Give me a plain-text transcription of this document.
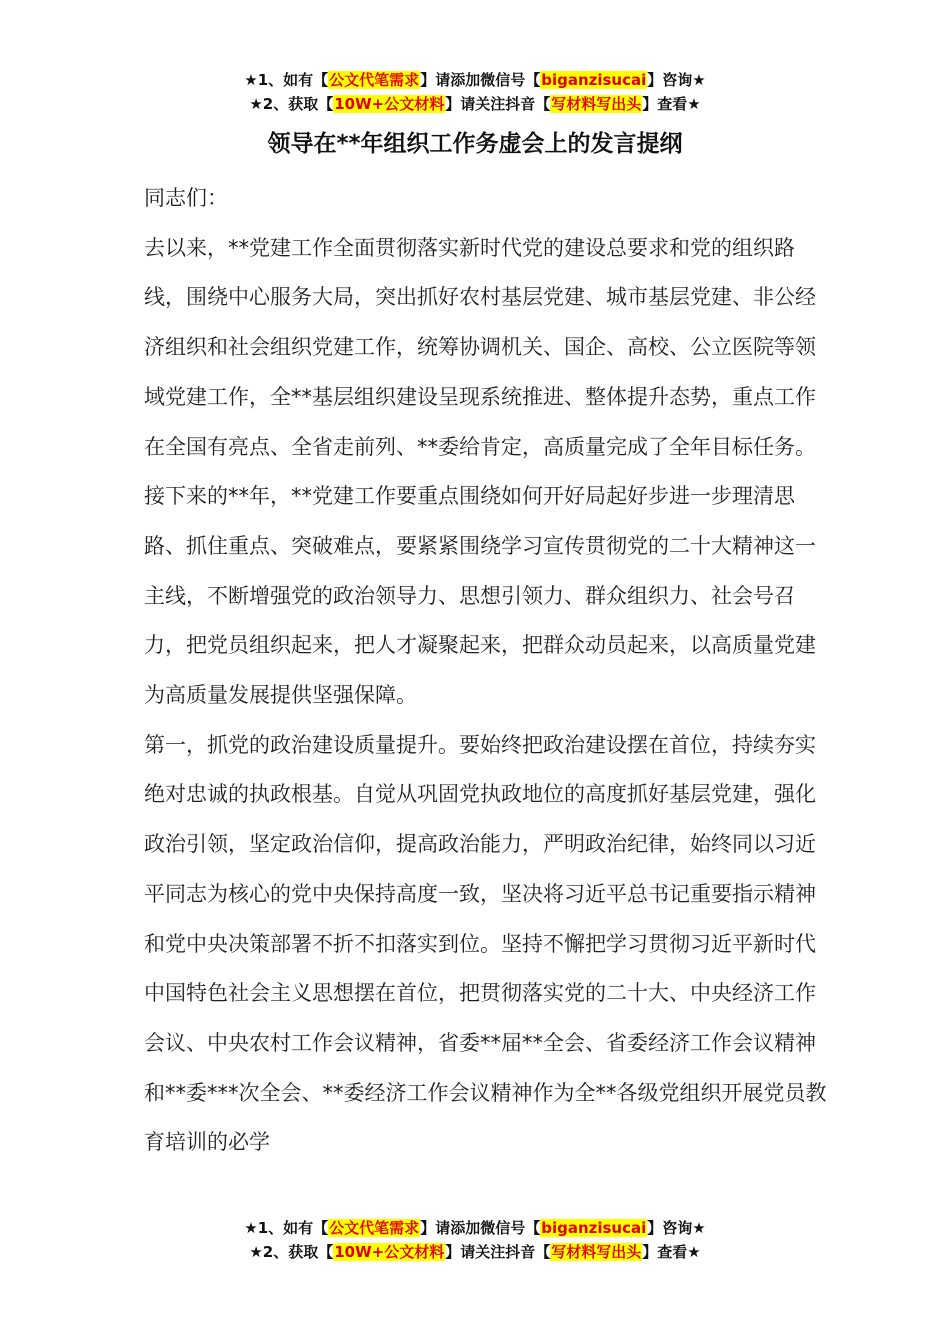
★1、如有【公文代笔需求】请添加微信号【biganzisucai】咨询★
★2、获取【10W+公文材料】请关注抖音【写材料写出头】查看★
领导在**年组织工作务虚会上的发言提纲

同志们：

去以来，**党建工作全面贯彻落实新时代党的建设总要求和党的组织路线，围绕中心服务大局，突出抓好农村基层党建、城市基层党建、非公经济组织和社会组织党建工作，统筹协调机关、国企、高校、公立医院等领域党建工作，全**基层组织建设呈现系统推进、整体提升态势，重点工作在全国有亮点、全省走前列、**委给肯定，高质量完成了全年目标任务。

接下来的**年，**党建工作要重点围绕如何开好局起好步进一步理清思路、抓住重点、突破难点，要紧紧围绕学习宣传贯彻党的二十大精神这一主线，不断增强党的政治领导力、思想引领力、群众组织力、社会号召力，把党员组织起来，把人才凝聚起来，把群众动员起来，以高质量党建为高质量发展提供坚强保障。

第一，抓党的政治建设质量提升。要始终把政治建设摆在首位，持续夯实绝对忠诚的执政根基。自觉从巩固党执政地位的高度抓好基层党建，强化政治引领，坚定政治信仰，提高政治能力，严明政治纪律，始终同以习近平同志为核心的党中央保持高度一致，坚决将习近平总书记重要指示精神和党中央决策部署不折不扣落实到位。坚持不懈把学习贯彻习近平新时代中国特色社会主义思想摆在首位，把贯彻落实党的二十大、中央经济工作会议、中央农村工作会议精神，省委**届**全会、省委经济工作会议精神和**委***次全会、**委经济工作会议精神作为全**各级党组织开展党员教育培训的必学

★1、如有【公文代笔需求】请添加微信号【biganzisucai】咨询★
★2、获取【10W+公文材料】请关注抖音【写材料写出头】查看★
